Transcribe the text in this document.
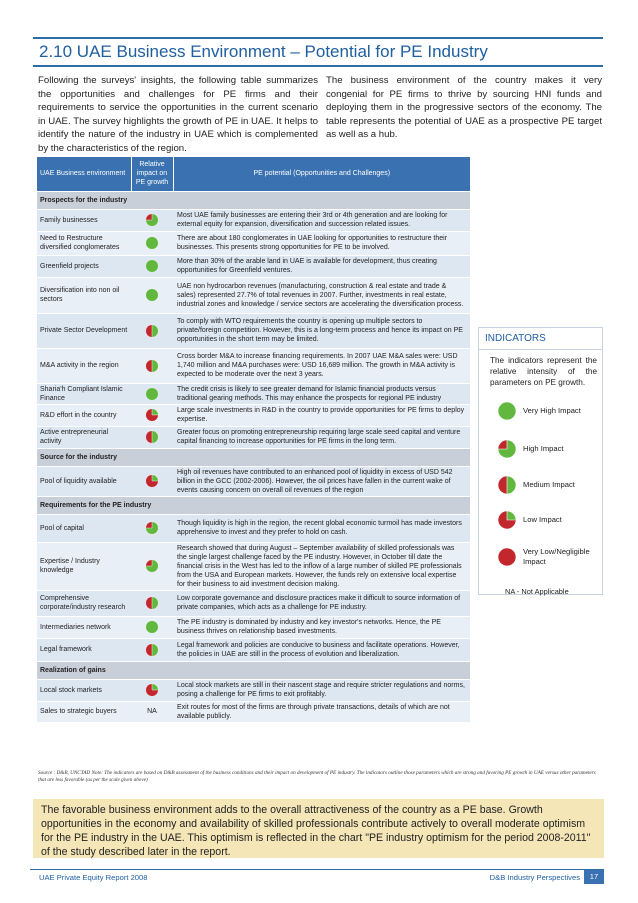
2.10 UAE Business Environment – Potential for PE Industry

Following the surveys' insights, the following table summarizes the opportunities and challenges for PE firms and their requirements to service the opportunities in the current scenario in UAE. The survey highlights the growth of PE in UAE. It helps to identify the nature of the industry in UAE which is complemented by the characteristics of the region.

The business environment of the country makes it very congenial for PE firms to thrive by sourcing HNI funds and deploying them in the progressive sectors of the economy. The table represents the potential of UAE as a prospective PE target as well as a hub.

UAE Business environment	Relative impact on PE growth	PE potential (Opportunities and Challenges)
Prospects for the industry		
Family businesses		Most UAE family businesses are entering their 3rd or 4th generation and are looking for external equity for expansion, diversification and succession related issues.
Need to Restructure diversified conglomerates		There are about 180 conglomerates in UAE looking for opportunities to restructure their businesses. This presents strong opportunities for PE to be involved.
Greenfield projects		More than 30% of the arable land in UAE is available for development, thus creating opportunities for Greenfield ventures.
Diversification into non oil sectors		UAE non hydrocarbon revenues (manufacturing, construction & real estate and trade & sales) represented 27.7% of total revenues in 2007. Further, investments in real estate, industrial zones and knowledge / service sectors are accelerating the diversification process.
Private Sector Development		To comply with WTO requirements the country is opening up multiple sectors to private/foreign competition. However, this is a long-term process and hence its impact on PE opportunities in the short term may be limited.
M&A activity in the region		Cross border M&A to increase financing requirements. In 2007 UAE M&A sales were: USD 1,740 million and M&A purchases were: USD 16,689 million. The growth in M&A activity is expected to be moderate over the next 3 years.
Sharia'h Compliant Islamic Finance		The credit crisis is likely to see greater demand for Islamic financial products versus traditional gearing methods. This may enhance the prospects for regional PE industry
R&D effort in the country		Large scale investments in R&D in the country to provide opportunities for PE firms to deploy expertise.
Active entrepreneurial activity		Greater focus on promoting entrepreneurship requiring large scale seed capital and venture capital financing to increase opportunities for PE firms in the long term.
Source for the industry		
Pool of liquidity available		High oil revenues have contributed to an enhanced pool of liquidity in excess of USD 542 billion in the GCC (2002-2006). However, the oil prices have fallen in the current wake of events causing concern on overall oil revenues of the region
Requirements for the PE industry		
Pool of capital		Though liquidity is high in the region, the recent global economic turmoil has made investors apprehensive to invest and they prefer to hold on cash.
Expertise / Industry knowledge		Research showed that during August – September availability of skilled professionals was the single largest challenge faced by the PE industry. However, in October till date the financial crisis in the West has led to the inflow of a large number of skilled PE professionals from the USA and European markets. However, the funds rely on extensive local expertise for their business to aid investment decision making.
Comprehensive corporate/industry research		Low corporate governance and disclosure practices make it difficult to source information of private companies, which acts as a challenge for PE industry.
Intermediaries network		The PE industry is dominated by industry and key investor's networks. Hence, the PE business thrives on relationship based investments.
Legal framework		Legal framework and policies are conducive to business and facilitate operations. However, the policies in UAE are still in the process of evolution and liberalization.
Realization of gains		
Local stock markets		Local stock markets are still in their nascent stage and require stricter regulations and norms, posing a challenge for PE firms to exit profitably.
Sales to strategic buyers	NA	Exit routes for most of the firms are through private transactions, details of which are not available publicly.

Source : D&B, UNCTAD Note: The indicators are based on D&B assessment of the business conditions and their impact on development of PE industry. The indicators outline those parameters which are strong and favoring PE growth in UAE versus other parameters that are less favorable (as per the scale given above)

INDICATORS

The indicators represent the relative intensity of the parameters on PE growth.

Very High Impact
High Impact
Medium Impact
Low Impact
Very Low/Negligible Impact
NA - Not Applicable
The favorable business environment adds to the overall attractiveness of the country as a PE base. Growth opportunities in the economy and availability of skilled professionals contribute actively to overall moderate optimism for the PE industry in the UAE. This optimism is reflected in the chart "PE industry optimism for the period 2008-2011" of the study described later in the report.
UAE Private Equity Report 2008	D&B Industry Perspectives	17
